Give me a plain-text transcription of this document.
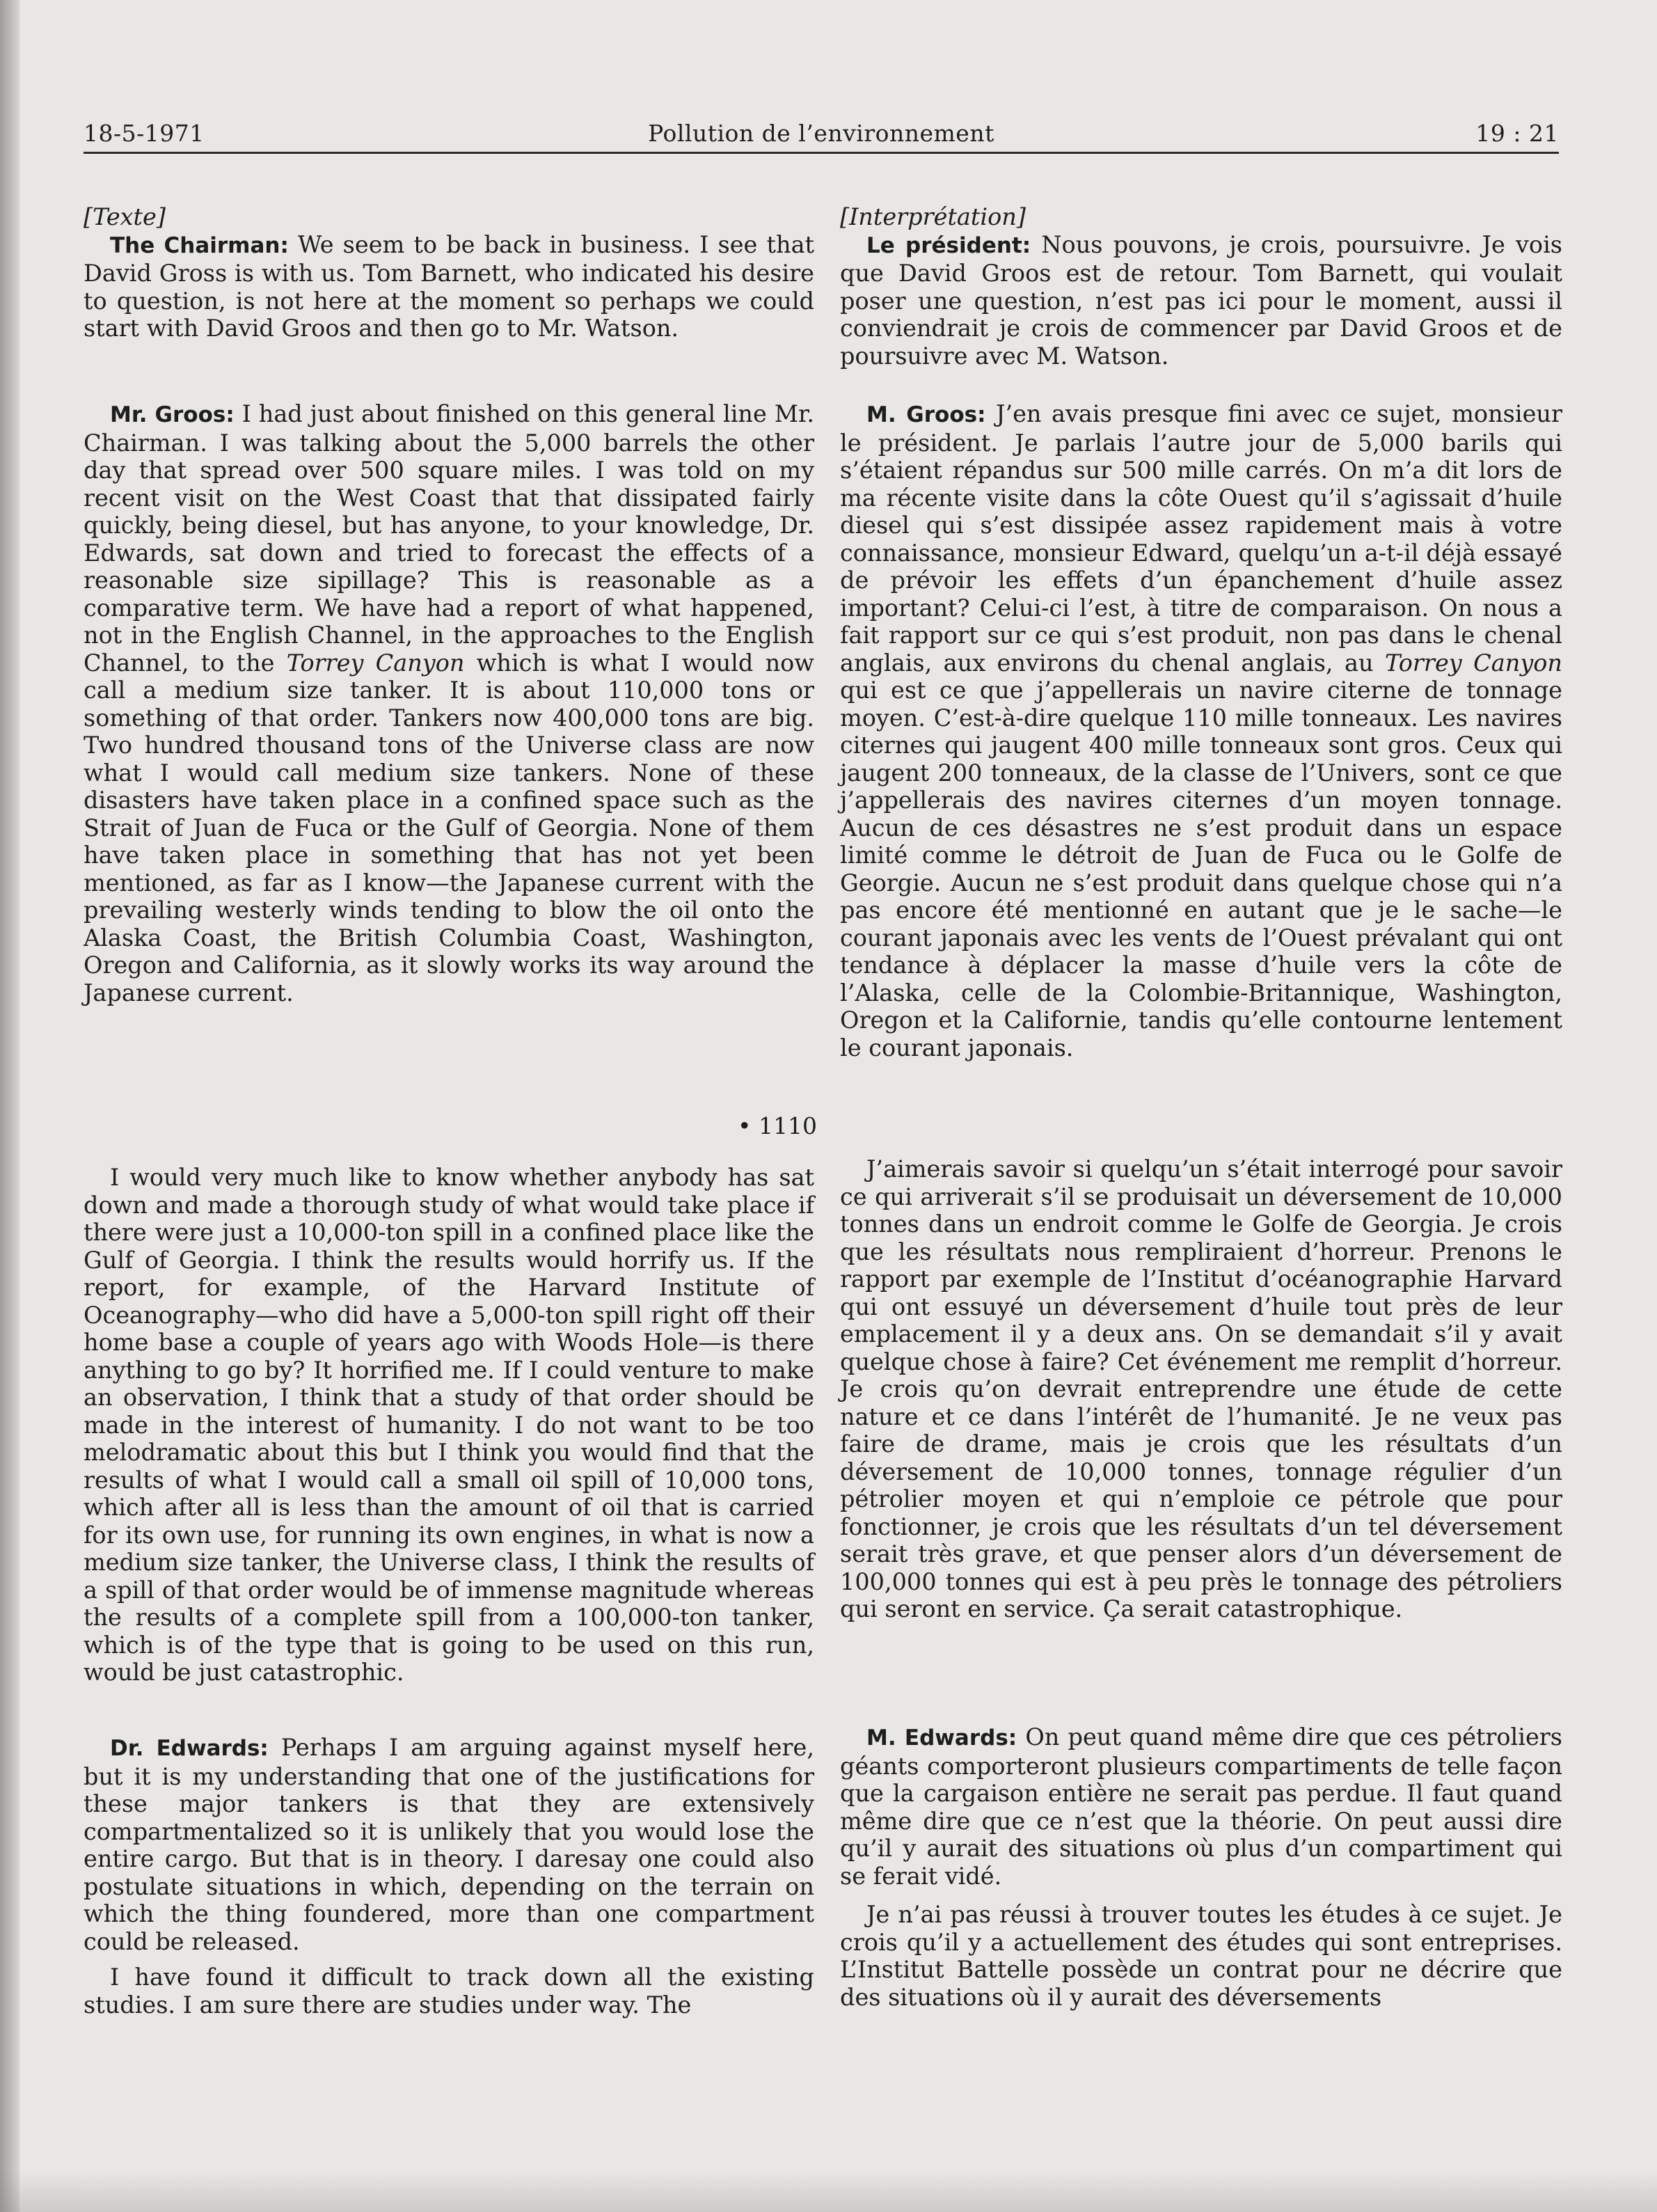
Pollution de l’environnement
18-5-1971	19 : 21

[Texte]

The Chairman: We seem to be back in business. I see that David Gross is with us. Tom Barnett, who indicated his desire to question, is not here at the moment so perhaps we could start with David Groos and then go to Mr. Watson.

Mr. Groos: I had just about finished on this general line Mr. Chairman. I was talking about the 5,000 barrels the other day that spread over 500 square miles. I was told on my recent visit on the West Coast that that dissipated fairly quickly, being diesel, but has anyone, to your knowledge, Dr. Edwards, sat down and tried to forecast the effects of a reasonable size sipillage? This is reasonable as a comparative term. We have had a report of what happened, not in the English Channel, in the approaches to the English Channel, to the Torrey Canyon which is what I would now call a medium size tanker. It is about 110,000 tons or something of that order. Tankers now 400,000 tons are big. Two hundred thousand tons of the Universe class are now what I would call medium size tankers. None of these disasters have taken place in a confined space such as the Strait of Juan de Fuca or the Gulf of Georgia. None of them have taken place in something that has not yet been mentioned, as far as I know—the Japanese current with the prevailing westerly winds tending to blow the oil onto the Alaska Coast, the British Columbia Coast, Washington, Oregon and California, as it slowly works its way around the Japanese current.

• 1110

I would very much like to know whether anybody has sat down and made a thorough study of what would take place if there were just a 10,000-ton spill in a confined place like the Gulf of Georgia. I think the results would horrify us. If the report, for example, of the Harvard Institute of Oceanography—who did have a 5,000-ton spill right off their home base a couple of years ago with Woods Hole—is there anything to go by? It horrified me. If I could venture to make an observation, I think that a study of that order should be made in the interest of humanity. I do not want to be too melodramatic about this but I think you would find that the results of what I would call a small oil spill of 10,000 tons, which after all is less than the amount of oil that is carried for its own use, for running its own engines, in what is now a medium size tanker, the Universe class, I think the results of a spill of that order would be of immense magnitude whereas the results of a complete spill from a 100,000-ton tanker, which is of the type that is going to be used on this run, would be just catastrophic.

Dr. Edwards: Perhaps I am arguing against myself here, but it is my understanding that one of the justifications for these major tankers is that they are extensively compartmentalized so it is unlikely that you would lose the entire cargo. But that is in theory. I daresay one could also postulate situations in which, depending on the terrain on which the thing foundered, more than one compartment could be released.

I have found it difficult to track down all the existing studies. I am sure there are studies under way. The

[Interprétation]

Le président: Nous pouvons, je crois, poursuivre. Je vois que David Groos est de retour. Tom Barnett, qui voulait poser une question, n’est pas ici pour le moment, aussi il conviendrait je crois de commencer par David Groos et de poursuivre avec M. Watson.

M. Groos: J’en avais presque fini avec ce sujet, monsieur le président. Je parlais l’autre jour de 5,000 barils qui s’étaient répandus sur 500 mille carrés. On m’a dit lors de ma récente visite dans la côte Ouest qu’il s’agissait d’huile diesel qui s’est dissipée assez rapidement mais à votre connaissance, monsieur Edward, quelqu’un a-t-il déjà essayé de prévoir les effets d’un épanchement d’huile assez important? Celui-ci l’est, à titre de comparaison. On nous a fait rapport sur ce qui s’est produit, non pas dans le chenal anglais, aux environs du chenal anglais, au Torrey Canyon qui est ce que j’appellerais un navire citerne de tonnage moyen. C’est-à-dire quelque 110 mille tonneaux. Les navires citernes qui jaugent 400 mille tonneaux sont gros. Ceux qui jaugent 200 tonneaux, de la classe de l’Univers, sont ce que j’appellerais des navires citernes d’un moyen tonnage. Aucun de ces désastres ne s’est produit dans un espace limité comme le détroit de Juan de Fuca ou le Golfe de Georgie. Aucun ne s’est produit dans quelque chose qui n’a pas encore été mentionné en autant que je le sache—le courant japonais avec les vents de l’Ouest prévalant qui ont tendance à déplacer la masse d’huile vers la côte de l’Alaska, celle de la Colombie-Britannique, Washington, Oregon et la Californie, tandis qu’elle contourne lentement le courant japonais.

J’aimerais savoir si quelqu’un s’était interrogé pour savoir ce qui arriverait s’il se produisait un déversement de 10,000 tonnes dans un endroit comme le Golfe de Georgia. Je crois que les résultats nous rempliraient d’horreur. Prenons le rapport par exemple de l’Institut d’océanographie Harvard qui ont essuyé un déversement d’huile tout près de leur emplacement il y a deux ans. On se demandait s’il y avait quelque chose à faire? Cet événement me remplit d’horreur. Je crois qu’on devrait entreprendre une étude de cette nature et ce dans l’intérêt de l’humanité. Je ne veux pas faire de drame, mais je crois que les résultats d’un déversement de 10,000 tonnes, tonnage régulier d’un pétrolier moyen et qui n’emploie ce pétrole que pour fonctionner, je crois que les résultats d’un tel déversement serait très grave, et que penser alors d’un déversement de 100,000 tonnes qui est à peu près le tonnage des pétroliers qui seront en service. Ça serait catastrophique.

M. Edwards: On peut quand même dire que ces pétroliers géants comporteront plusieurs compartiments de telle façon que la cargaison entière ne serait pas perdue. Il faut quand même dire que ce n’est que la théorie. On peut aussi dire qu’il y aurait des situations où plus d’un compartiment qui se ferait vidé.

Je n’ai pas réussi à trouver toutes les études à ce sujet. Je crois qu’il y a actuellement des études qui sont entreprises. L’Institut Battelle possède un contrat pour ne décrire que des situations où il y aurait des déversements
